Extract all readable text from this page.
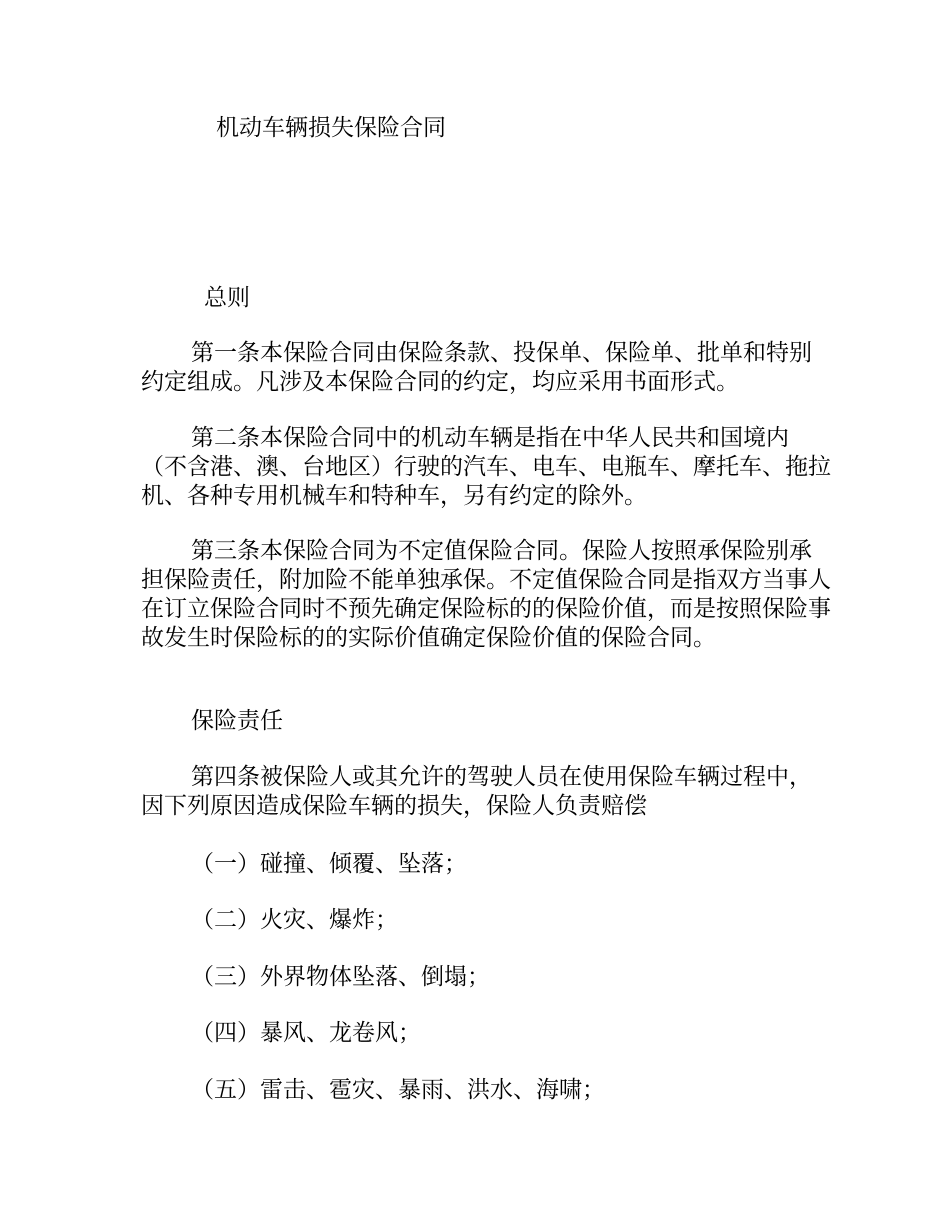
机动车辆损失保险合同
总则

第一条本保险合同由保险条款、投保单、保险单、批单和特别约定组成。凡涉及本保险合同的约定，均应采用书面形式。

第二条本保险合同中的机动车辆是指在中华人民共和国境内（不含港、澳、台地区）行驶的汽车、电车、电瓶车、摩托车、拖拉机、各种专用机械车和特种车，另有约定的除外。

第三条本保险合同为不定值保险合同。保险人按照承保险别承担保险责任，附加险不能单独承保。不定值保险合同是指双方当事人在订立保险合同时不预先确定保险标的的保险价值，而是按照保险事故发生时保险标的的实际价值确定保险价值的保险合同。

保险责任

第四条被保险人或其允许的驾驶人员在使用保险车辆过程中，因下列原因造成保险车辆的损失，保险人负责赔偿

（一）碰撞、倾覆、坠落；
（二）火灾、爆炸；
（三）外界物体坠落、倒塌；
（四）暴风、龙卷风；
（五）雷击、雹灾、暴雨、洪水、海啸；
